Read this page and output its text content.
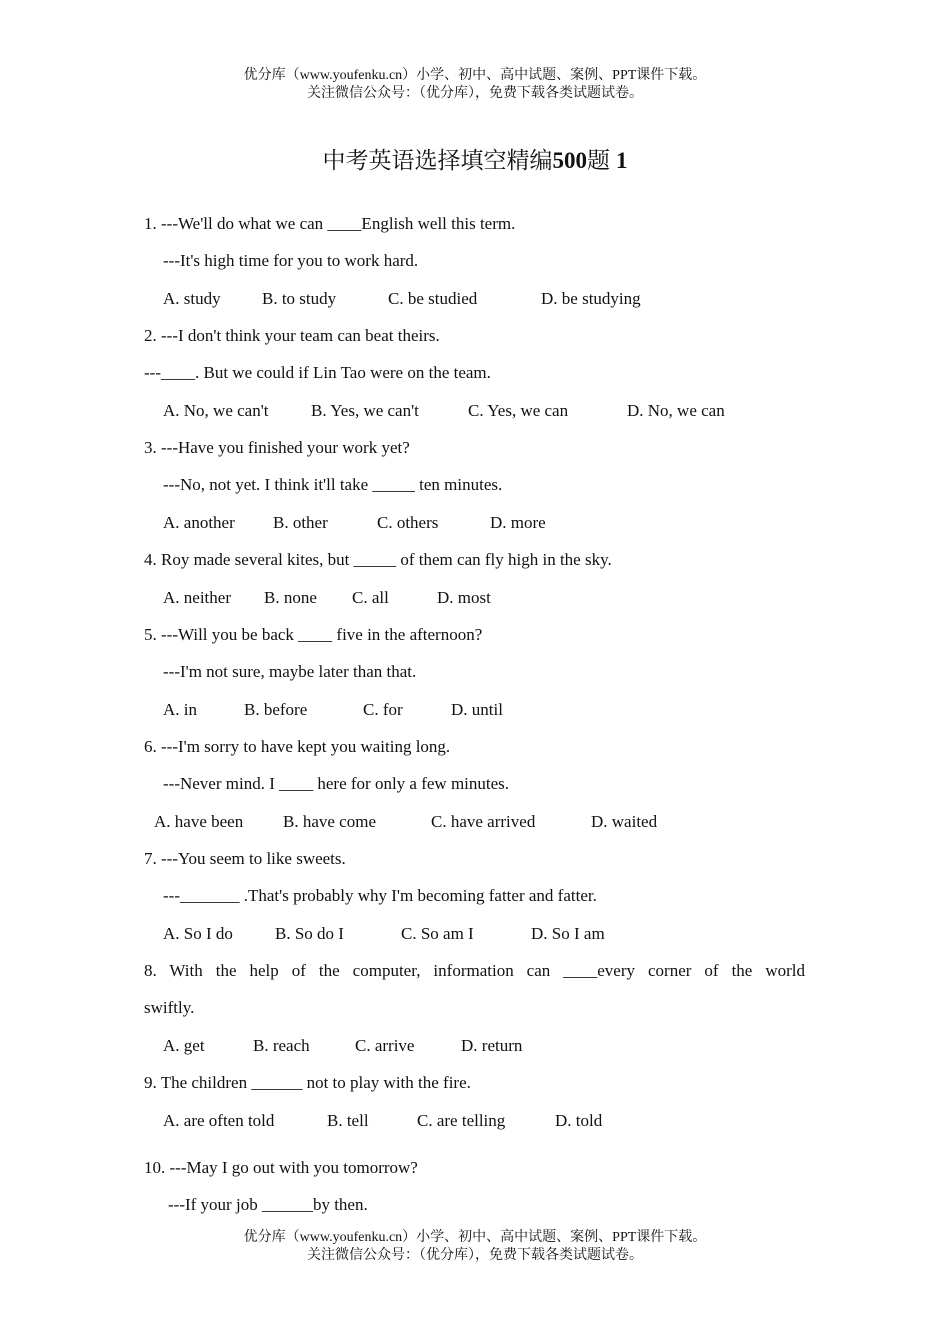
优分库（www.youfenku.cn）小学、初中、高中试题、案例、PPT课件下载。
关注微信公众号：（优分库），免费下载各类试题试卷。
中考英语选择填空精编500题 1
1. ---We'll do what we can ____English well this term.
---It's high time for you to work hard.
A. study B. to study	C. be studied	D. be studying
2. ---I don't think your team can beat theirs.
---____. But we could if Lin Tao were on the team.
A. No, we can't B. Yes, we can't	C. Yes, we can	D. No, we can
3. ---Have you finished your work yet?
---No, not yet. I think it'll take _____ ten minutes.
A. another B. other	C. others	D. more
4. Roy made several kites, but _____ of them can fly high in the sky.
A. neither B. none C. all	D. most
5. ---Will you be back ____ five in the afternoon?
---I'm not sure, maybe later than that.
A. in	B. before	C. for	D. until
6. ---I'm sorry to have kept you waiting long.
---Never mind. I ____ here for only a few minutes.
A. have been B. have come	C. have arrived	D. waited
7. ---You seem to like sweets.
---_______ .That's probably why I'm becoming fatter and fatter.
A. So I do B. So do I	C. So am I	D. So I am
8. With the help of the computer, information can ____every corner of the world
swiftly.
A. get	B. reach	C. arrive	D. return
9. The children ______ not to play with the fire.
A. are often told	B. tell	C. are telling	D. told
10. ---May I go out with you tomorrow?
---If your job ______by then.
优分库（www.youfenku.cn）小学、初中、高中试题、案例、PPT课件下载。
关注微信公众号：（优分库），免费下载各类试题试卷。
